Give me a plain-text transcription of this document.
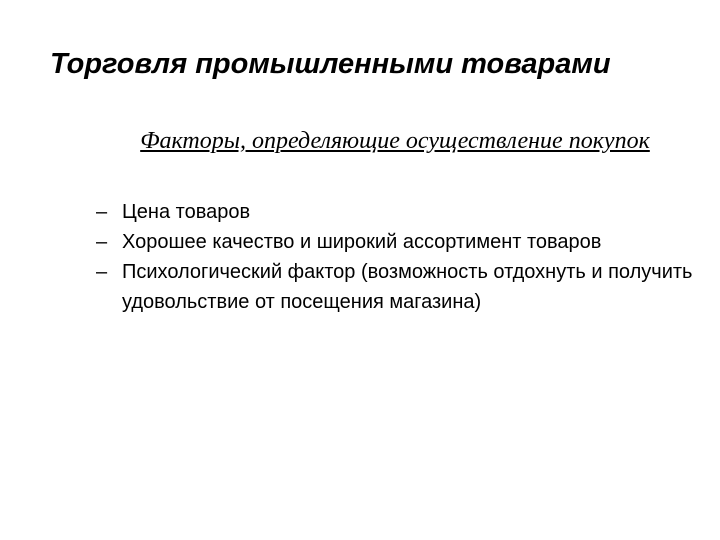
Торговля промышленными товарами
Факторы, определяющие осуществление покупок
– Цена товаров
– Хорошее качество и широкий ассортимент товаров
– Психологический фактор (возможность отдохнуть и получить удовольствие от посещения магазина)
